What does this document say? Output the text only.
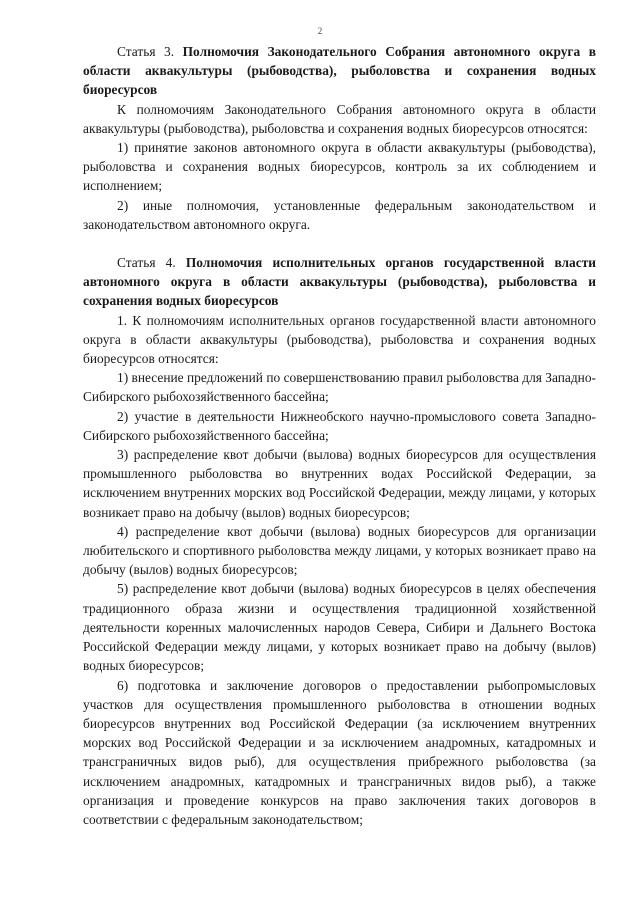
2

Статья 3. Полномочия Законодательного Собрания автономного округа в области аквакультуры (рыбоводства), рыболовства и сохранения водных биоресурсов

К полномочиям Законодательного Собрания автономного округа в области аквакультуры (рыбоводства), рыболовства и сохранения водных биоресурсов относятся:

1) принятие законов автономного округа в области аквакультуры (рыбоводства), рыболовства и сохранения водных биоресурсов, контроль за их соблюдением и исполнением;

2) иные полномочия, установленные федеральным законодательством и законодательством автономного округа.

Статья 4. Полномочия исполнительных органов государственной власти автономного округа в области аквакультуры (рыбоводства), рыболовства и сохранения водных биоресурсов

1. К полномочиям исполнительных органов государственной власти автономного округа в области аквакультуры (рыбоводства), рыболовства и сохранения водных биоресурсов относятся:

1) внесение предложений по совершенствованию правил рыболовства для Западно-Сибирского рыбохозяйственного бассейна;

2) участие в деятельности Нижнеобского научно-промыслового совета Западно-Сибирского рыбохозяйственного бассейна;

3) распределение квот добычи (вылова) водных биоресурсов для осуществления промышленного рыболовства во внутренних водах Российской Федерации, за исключением внутренних морских вод Российской Федерации, между лицами, у которых возникает право на добычу (вылов) водных биоресурсов;

4) распределение квот добычи (вылова) водных биоресурсов для организации любительского и спортивного рыболовства между лицами, у которых возникает право на добычу (вылов) водных биоресурсов;

5) распределение квот добычи (вылова) водных биоресурсов в целях обеспечения традиционного образа жизни и осуществления традиционной хозяйственной деятельности коренных малочисленных народов Севера, Сибири и Дальнего Востока Российской Федерации между лицами, у которых возникает право на добычу (вылов) водных биоресурсов;

6) подготовка и заключение договоров о предоставлении рыбопромысловых участков для осуществления промышленного рыболовства в отношении водных биоресурсов внутренних вод Российской Федерации (за исключением внутренних морских вод Российской Федерации и за исключением анадромных, катадромных и трансграничных видов рыб), для осуществления прибрежного рыболовства (за исключением анадромных, катадромных и трансграничных видов рыб), а также организация и проведение конкурсов на право заключения таких договоров в соответствии с федеральным законодательством;
